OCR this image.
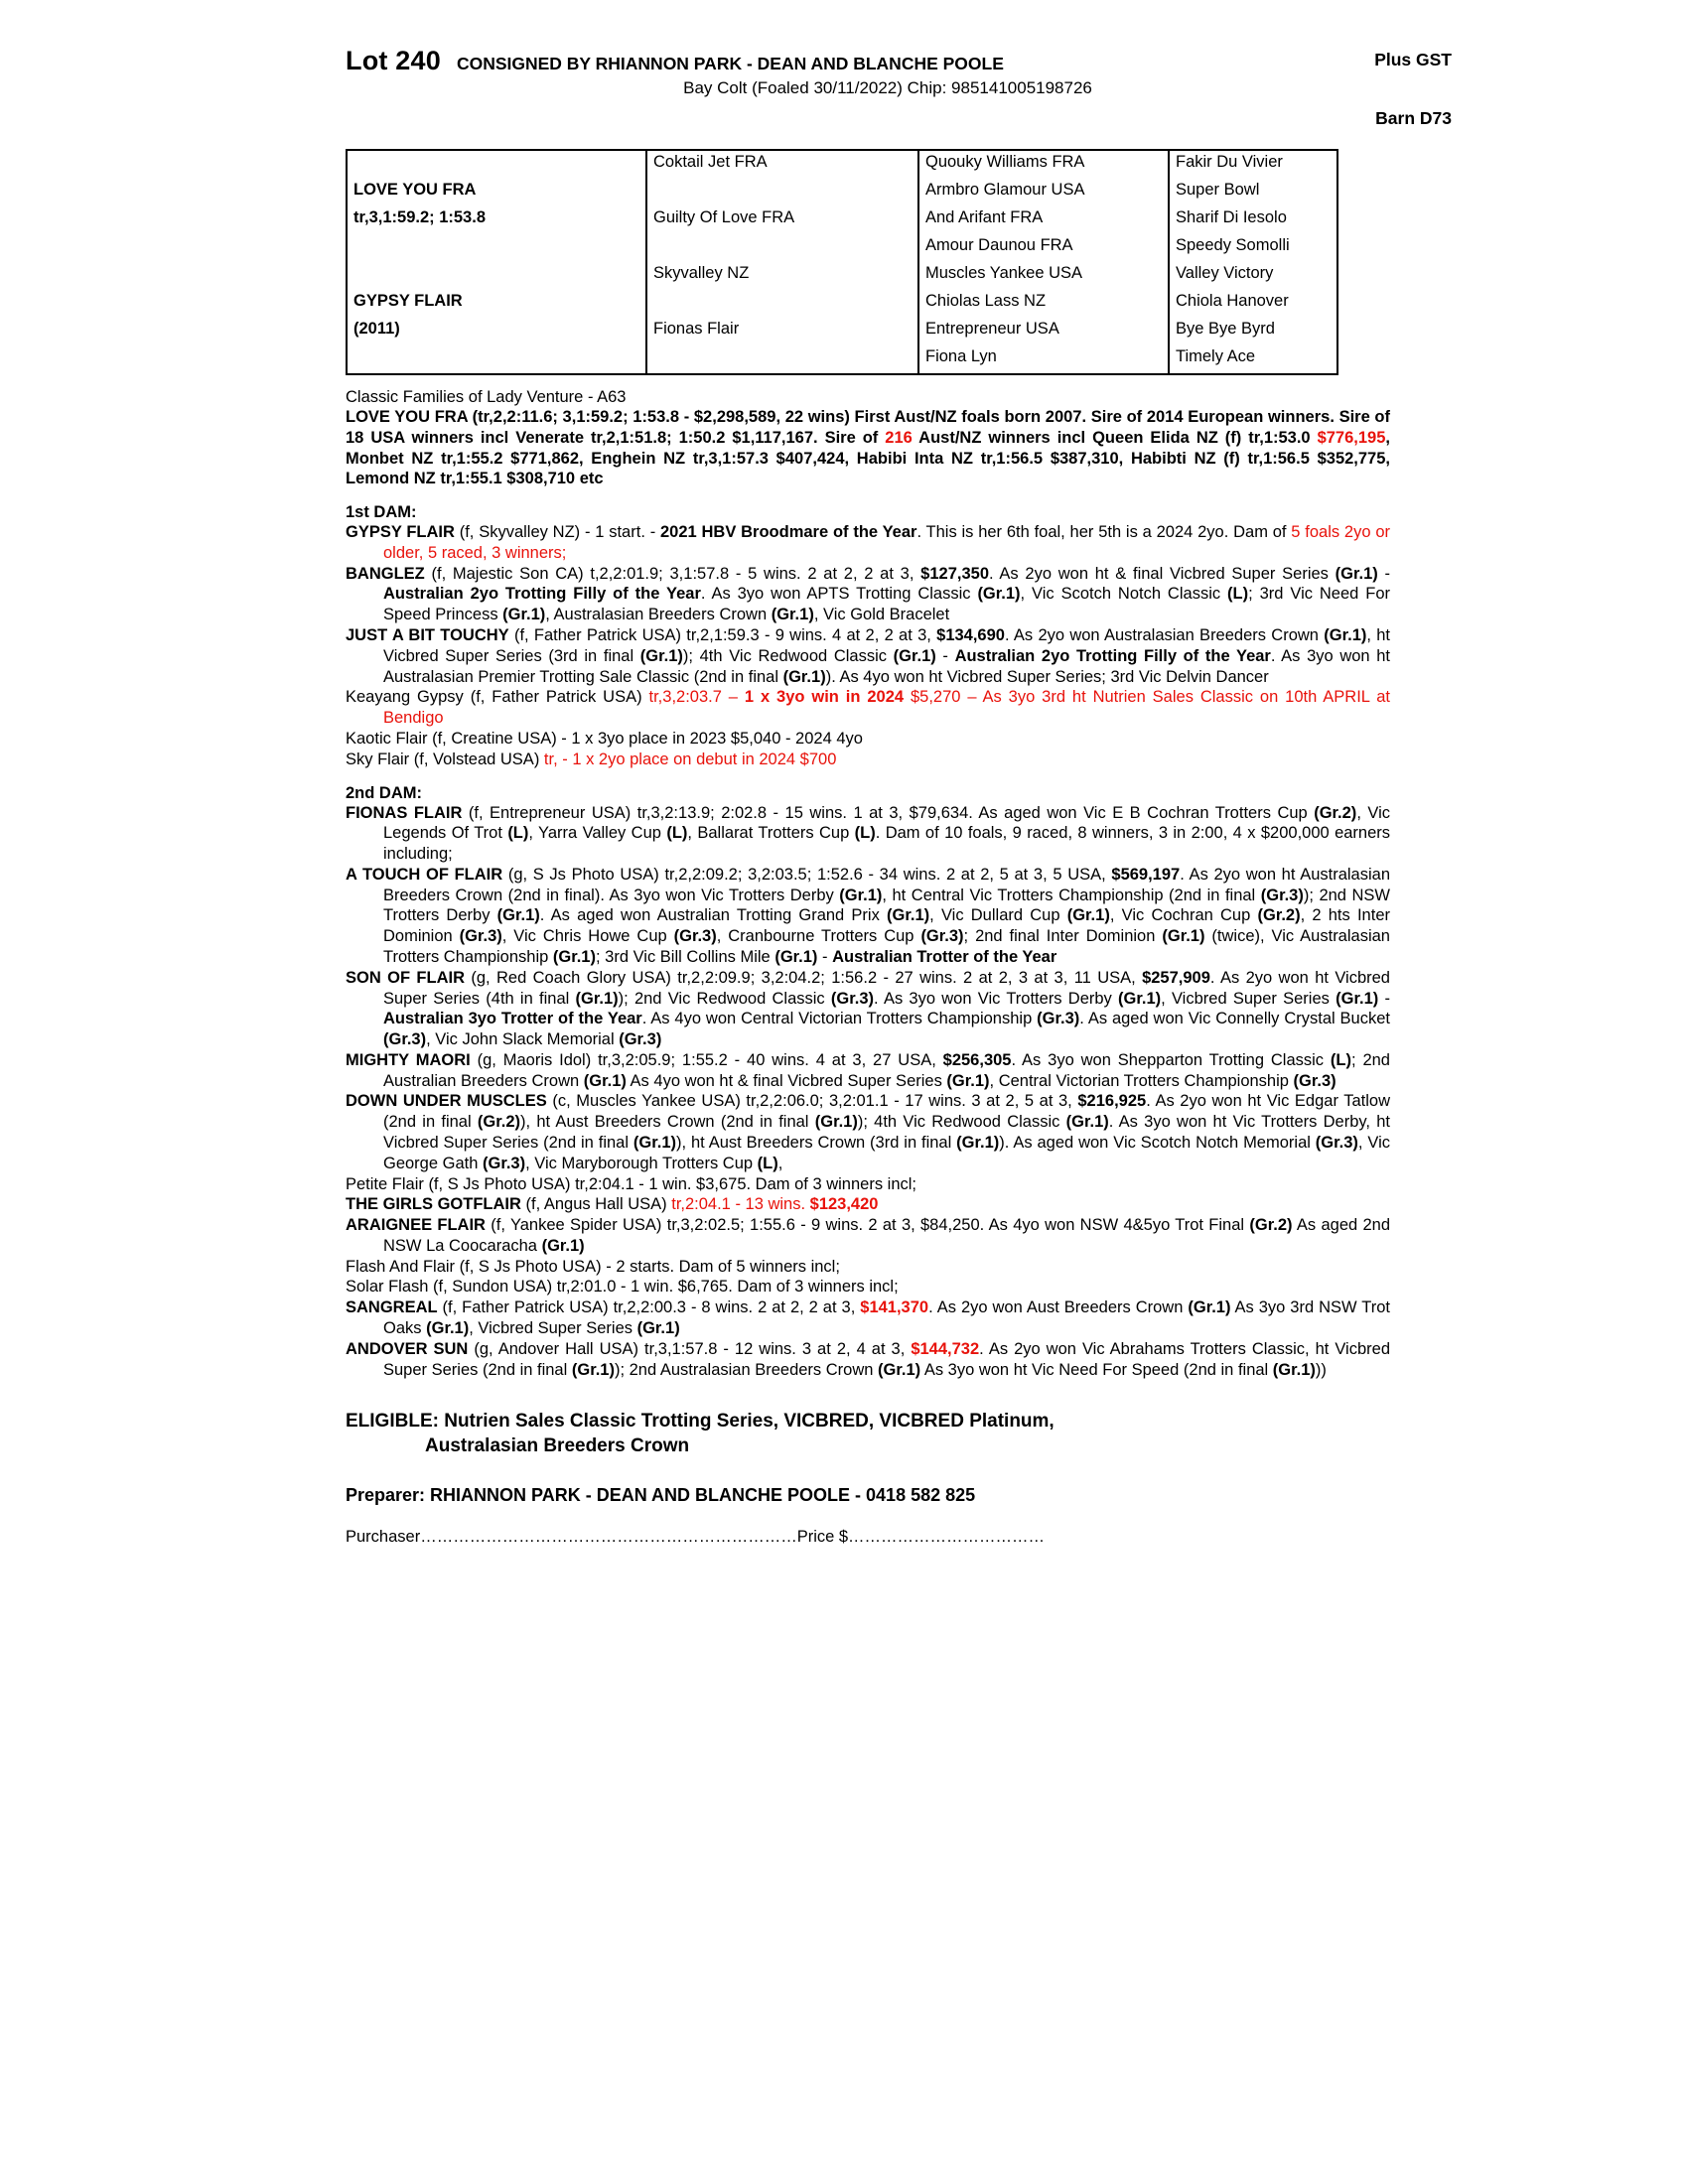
Lot 240 CONSIGNED BY RHIANNON PARK - DEAN AND BLANCHE POOLE	Plus GST
Bay Colt (Foaled 30/11/2022) Chip: 985141005198726
Barn D73
	Coktail Jet FRA	Quouky Williams FRA	Fakir Du Vivier
LOVE YOU FRA		Armbro Glamour USA	Super Bowl
tr,3,1:59.2; 1:53.8	Guilty Of Love FRA	And Arifant FRA	Sharif Di Iesolo
		Amour Daunou FRA	Speedy Somolli
	Skyvalley NZ	Muscles Yankee USA	Valley Victory
GYPSY FLAIR		Chiolas Lass NZ	Chiola Hanover
(2011)	Fionas Flair	Entrepreneur USA	Bye Bye Byrd
		Fiona Lyn	Timely Ace
Classic Families of Lady Venture - A63

LOVE YOU FRA (tr,2,2:11.6; 3,1:59.2; 1:53.8 - $2,298,589, 22 wins) First Aust/NZ foals born 2007. Sire of 2014 European winners. Sire of 18 USA winners incl Venerate tr,2,1:51.8; 1:50.2 $1,117,167. Sire of 216 Aust/NZ winners incl Queen Elida NZ (f) tr,1:53.0 $776,195, Monbet NZ tr,1:55.2 $771,862, Enghein NZ tr,3,1:57.3 $407,424, Habibi Inta NZ tr,1:56.5 $387,310, Habibti NZ (f) tr,1:56.5 $352,775, Lemond NZ tr,1:55.1 $308,710 etc

1st DAM:

GYPSY FLAIR (f, Skyvalley NZ) - 1 start. - 2021 HBV Broodmare of the Year. This is her 6th foal, her 5th is a 2024 2yo. Dam of 5 foals 2yo or older, 5 raced, 3 winners;

BANGLEZ (f, Majestic Son CA) t,2,2:01.9; 3,1:57.8 - 5 wins. 2 at 2, 2 at 3, $127,350. As 2yo won ht & final Vicbred Super Series (Gr.1) - Australian 2yo Trotting Filly of the Year. As 3yo won APTS Trotting Classic (Gr.1), Vic Scotch Notch Classic (L); 3rd Vic Need For Speed Princess (Gr.1), Australasian Breeders Crown (Gr.1), Vic Gold Bracelet

JUST A BIT TOUCHY (f, Father Patrick USA) tr,2,1:59.3 - 9 wins. 4 at 2, 2 at 3, $134,690. As 2yo won Australasian Breeders Crown (Gr.1), ht Vicbred Super Series (3rd in final (Gr.1)); 4th Vic Redwood Classic (Gr.1) - Australian 2yo Trotting Filly of the Year. As 3yo won ht Australasian Premier Trotting Sale Classic (2nd in final (Gr.1)). As 4yo won ht Vicbred Super Series; 3rd Vic Delvin Dancer

Keayang Gypsy (f, Father Patrick USA) tr,3,2:03.7 – 1 x 3yo win in 2024 $5,270 – As 3yo 3rd ht Nutrien Sales Classic on 10th APRIL at Bendigo

Kaotic Flair (f, Creatine USA) - 1 x 3yo place in 2023 $5,040 - 2024 4yo

Sky Flair (f, Volstead USA) tr, - 1 x 2yo place on debut in 2024 $700

2nd DAM:

FIONAS FLAIR (f, Entrepreneur USA) tr,3,2:13.9; 2:02.8 - 15 wins. 1 at 3, $79,634. As aged won Vic E B Cochran Trotters Cup (Gr.2), Vic Legends Of Trot (L), Yarra Valley Cup (L), Ballarat Trotters Cup (L). Dam of 10 foals, 9 raced, 8 winners, 3 in 2:00, 4 x $200,000 earners including;

A TOUCH OF FLAIR (g, S Js Photo USA) tr,2,2:09.2; 3,2:03.5; 1:52.6 - 34 wins. 2 at 2, 5 at 3, 5 USA, $569,197. As 2yo won ht Australasian Breeders Crown (2nd in final). As 3yo won Vic Trotters Derby (Gr.1), ht Central Vic Trotters Championship (2nd in final (Gr.3)); 2nd NSW Trotters Derby (Gr.1). As aged won Australian Trotting Grand Prix (Gr.1), Vic Dullard Cup (Gr.1), Vic Cochran Cup (Gr.2), 2 hts Inter Dominion (Gr.3), Vic Chris Howe Cup (Gr.3), Cranbourne Trotters Cup (Gr.3); 2nd final Inter Dominion (Gr.1) (twice), Vic Australasian Trotters Championship (Gr.1); 3rd Vic Bill Collins Mile (Gr.1) - Australian Trotter of the Year

SON OF FLAIR (g, Red Coach Glory USA) tr,2,2:09.9; 3,2:04.2; 1:56.2 - 27 wins. 2 at 2, 3 at 3, 11 USA, $257,909. As 2yo won ht Vicbred Super Series (4th in final (Gr.1)); 2nd Vic Redwood Classic (Gr.3). As 3yo won Vic Trotters Derby (Gr.1), Vicbred Super Series (Gr.1) - Australian 3yo Trotter of the Year. As 4yo won Central Victorian Trotters Championship (Gr.3). As aged won Vic Connelly Crystal Bucket (Gr.3), Vic John Slack Memorial (Gr.3)

MIGHTY MAORI (g, Maoris Idol) tr,3,2:05.9; 1:55.2 - 40 wins. 4 at 3, 27 USA, $256,305. As 3yo won Shepparton Trotting Classic (L); 2nd Australian Breeders Crown (Gr.1) As 4yo won ht & final Vicbred Super Series (Gr.1), Central Victorian Trotters Championship (Gr.3)

DOWN UNDER MUSCLES (c, Muscles Yankee USA) tr,2,2:06.0; 3,2:01.1 - 17 wins. 3 at 2, 5 at 3, $216,925. As 2yo won ht Vic Edgar Tatlow (2nd in final (Gr.2)), ht Aust Breeders Crown (2nd in final (Gr.1)); 4th Vic Redwood Classic (Gr.1). As 3yo won ht Vic Trotters Derby, ht Vicbred Super Series (2nd in final (Gr.1)), ht Aust Breeders Crown (3rd in final (Gr.1)). As aged won Vic Scotch Notch Memorial (Gr.3), Vic George Gath (Gr.3), Vic Maryborough Trotters Cup (L),

Petite Flair (f, S Js Photo USA) tr,2:04.1 - 1 win. $3,675. Dam of 3 winners incl;

THE GIRLS GOTFLAIR (f, Angus Hall USA) tr,2:04.1 - 13 wins. $123,420

ARAIGNEE FLAIR (f, Yankee Spider USA) tr,3,2:02.5; 1:55.6 - 9 wins. 2 at 3, $84,250. As 4yo won NSW 4&5yo Trot Final (Gr.2) As aged 2nd NSW La Coocaracha (Gr.1)

Flash And Flair (f, S Js Photo USA) - 2 starts. Dam of 5 winners incl;

Solar Flash (f, Sundon USA) tr,2:01.0 - 1 win. $6,765. Dam of 3 winners incl;

SANGREAL (f, Father Patrick USA) tr,2,2:00.3 - 8 wins. 2 at 2, 2 at 3, $141,370. As 2yo won Aust Breeders Crown (Gr.1) As 3yo 3rd NSW Trot Oaks (Gr.1), Vicbred Super Series (Gr.1)

ANDOVER SUN (g, Andover Hall USA) tr,3,1:57.8 - 12 wins. 3 at 2, 4 at 3, $144,732. As 2yo won Vic Abrahams Trotters Classic, ht Vicbred Super Series (2nd in final (Gr.1)); 2nd Australasian Breeders Crown (Gr.1) As 3yo won ht Vic Need For Speed (2nd in final (Gr.1)))

ELIGIBLE: Nutrien Sales Classic Trotting Series, VICBRED, VICBRED Platinum,
Australasian Breeders Crown
Preparer: RHIANNON PARK - DEAN AND BLANCHE POOLE - 0418 582 825
Purchaser……………………………………………………………Price $………………………………
